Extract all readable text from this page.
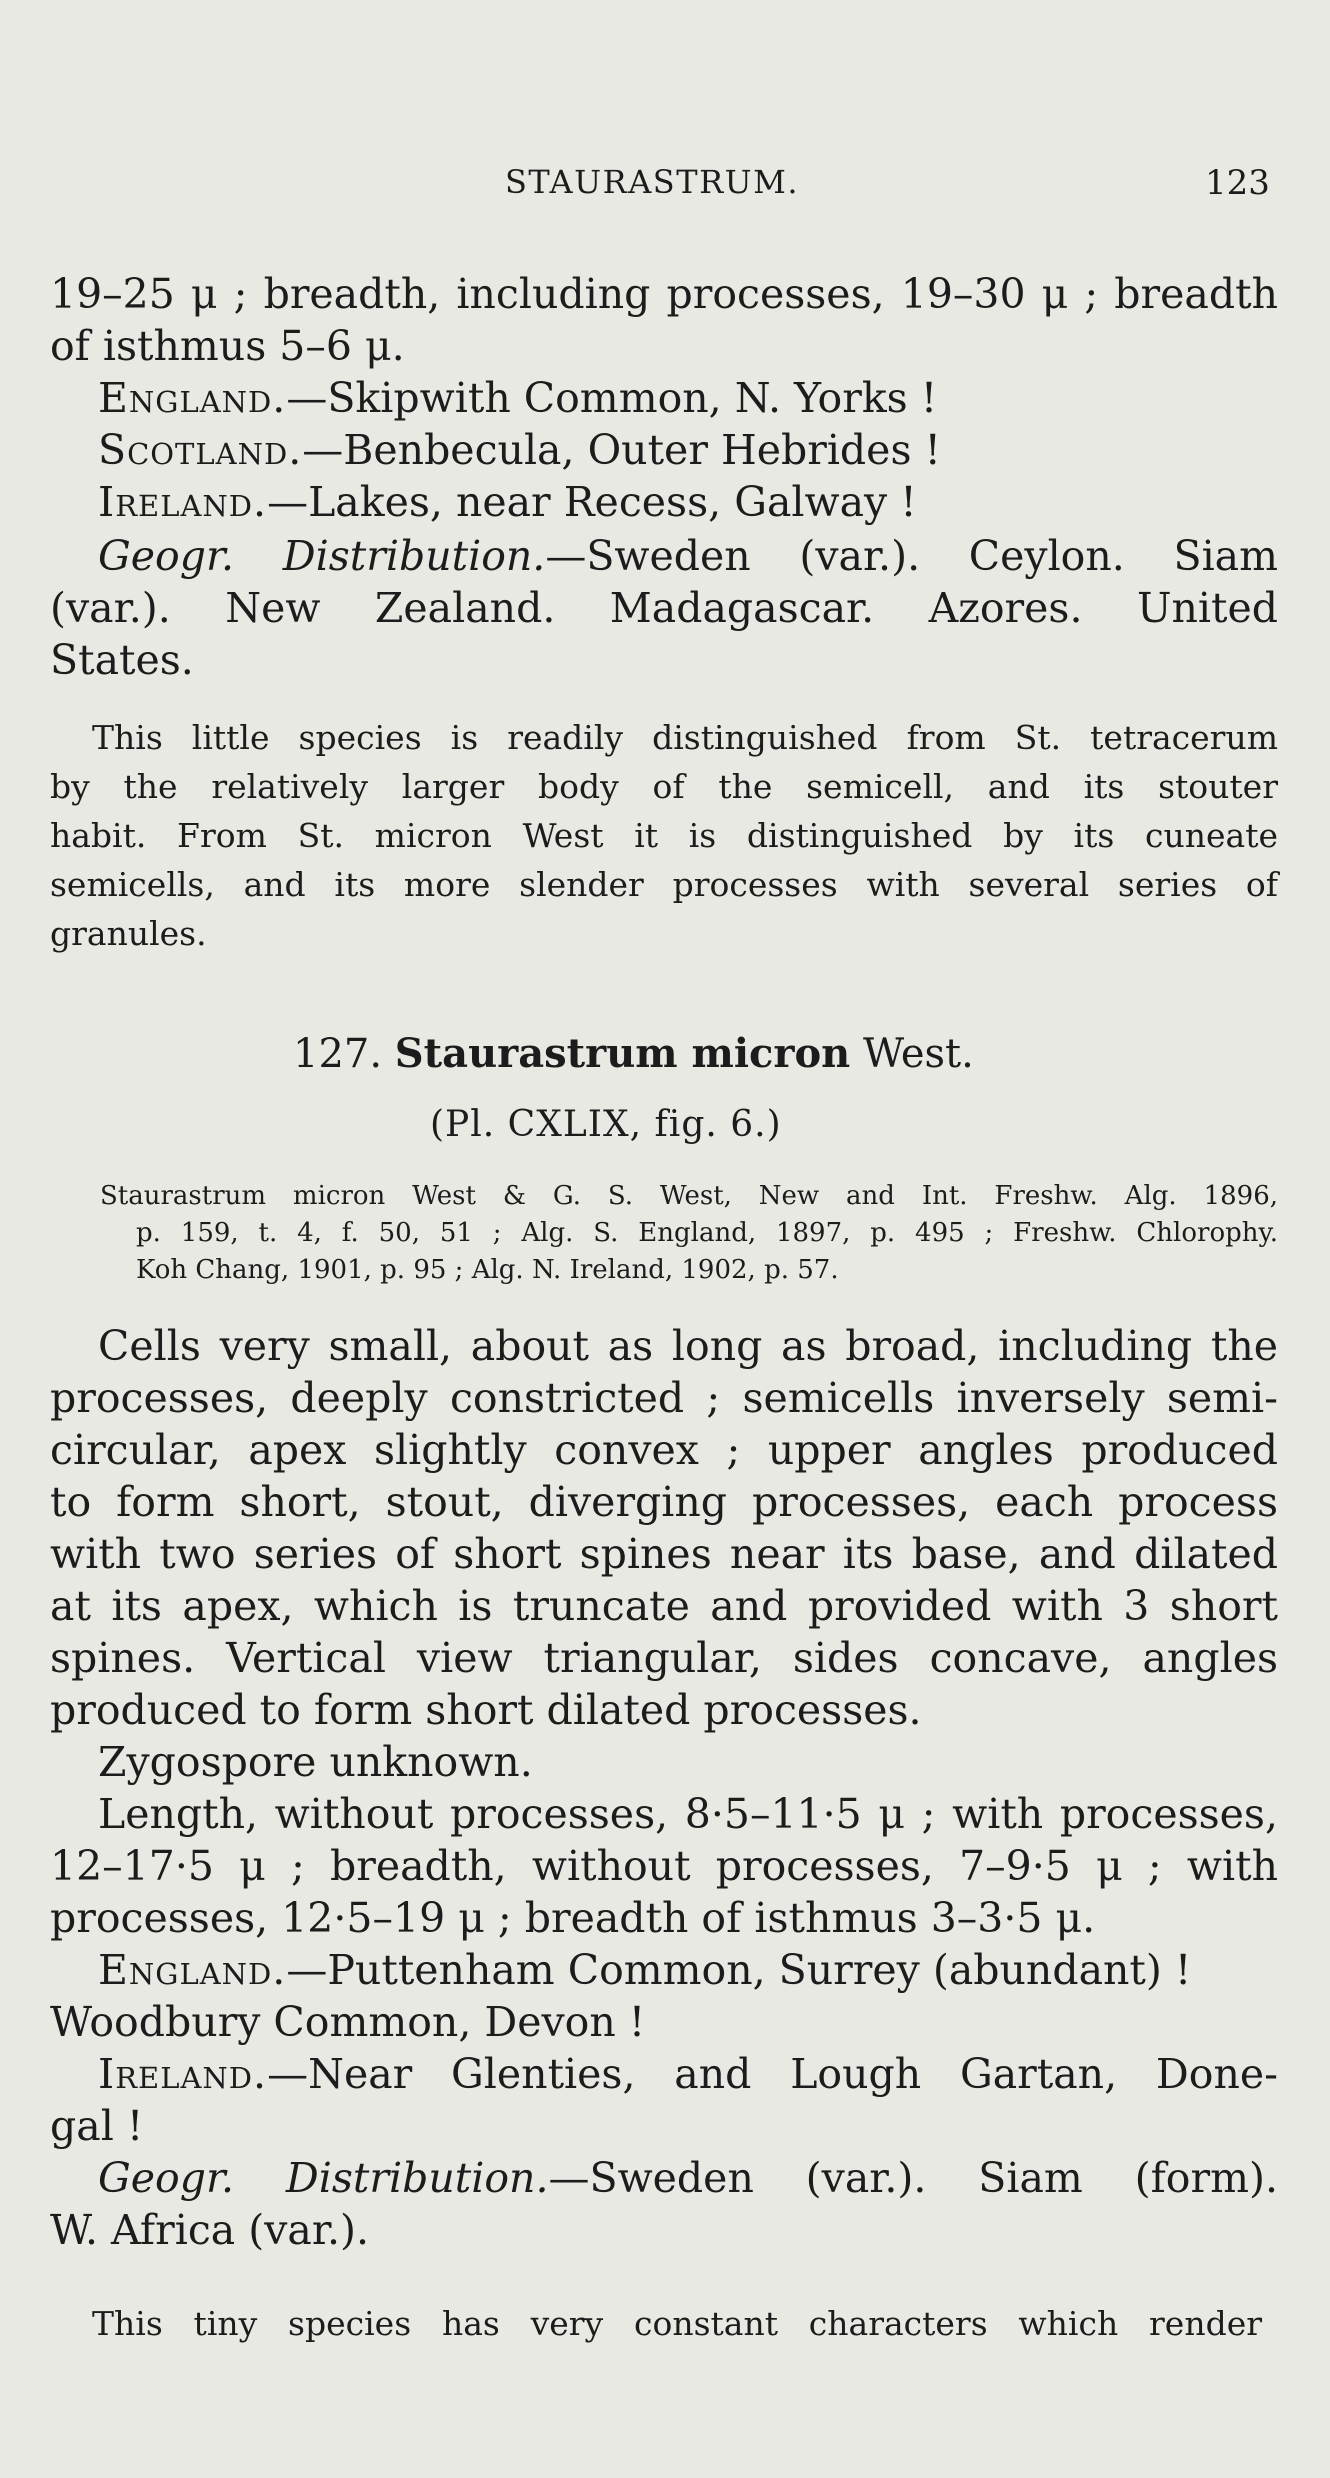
STAURASTRUM.	123
19–25 μ ; breadth, including processes, 19–30 μ ; breadth
of isthmus 5–6 μ.
England.—Skipwith Common, N. Yorks !
Scotland.—Benbecula, Outer Hebrides !
Ireland.—Lakes, near Recess, Galway !
Geogr. Distribution.—Sweden (var.). Ceylon. Siam
(var.). New Zealand. Madagascar. Azores. United
States.
This little species is readily distinguished from St. tetracerum
by the relatively larger body of the semicell, and its stouter
habit. From St. micron West it is distinguished by its cuneate
semicells, and its more slender processes with several series of
granules.
127. Staurastrum micron West.
(Pl. CXLIX, fig. 6.)
Staurastrum micron West & G. S. West, New and Int. Freshw. Alg. 1896,
p. 159, t. 4, f. 50, 51 ; Alg. S. England, 1897, p. 495 ; Freshw. Chlorophy.
Koh Chang, 1901, p. 95 ; Alg. N. Ireland, 1902, p. 57.
Cells very small, about as long as broad, including the
processes, deeply constricted ; semicells inversely semi-
circular, apex slightly convex ; upper angles produced
to form short, stout, diverging processes, each process
with two series of short spines near its base, and dilated
at its apex, which is truncate and provided with 3 short
spines. Vertical view triangular, sides concave, angles
produced to form short dilated processes.
Zygospore unknown.
Length, without processes, 8·5–11·5 μ ; with processes,
12–17·5 μ ; breadth, without processes, 7–9·5 μ ; with
processes, 12·5–19 μ ; breadth of isthmus 3–3·5 μ.
England.—Puttenham Common, Surrey (abundant) !
Woodbury Common, Devon !
Ireland.—Near Glenties, and Lough Gartan, Done-
gal !
Geogr. Distribution.—Sweden (var.). Siam (form).
W. Africa (var.).
This tiny species has very constant characters which render
